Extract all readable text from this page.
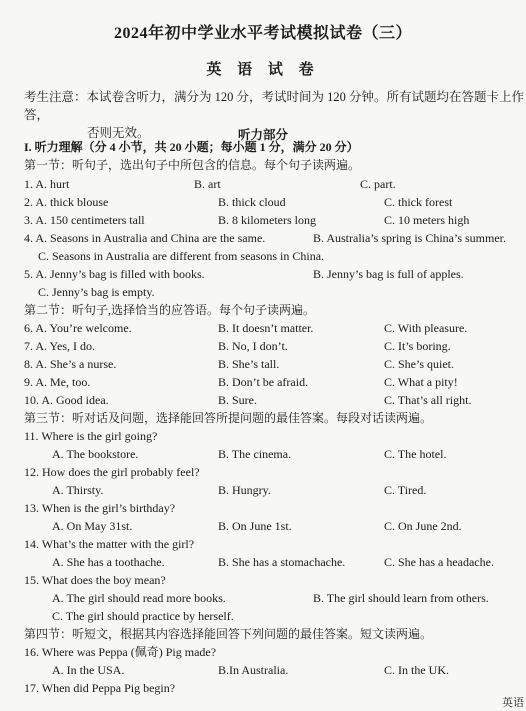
2024年初中学业水平考试模拟试卷（三）
英 语 试 卷
考生注意：本试卷含听力，满分为 120 分，考试时间为 120 分钟。所有试题均在答题卡上作答，
否则无效。	听力部分
I. 听力理解（分 4 小节，共 20 小题；每小题 1 分，满分 20 分）
第一节：听句子，选出句子中所包含的信息。每个句子读两遍。
1. A. hurt	B. art	C. part.
2. A. thick blouse	B. thick cloud	C. thick forest
3. A. 150 centimeters tall	B. 8 kilometers long	C. 10 meters high
4. A. Seasons in Australia and China are the same.	B. Australia’s spring is China’s summer.
C. Seasons in Australia are different from seasons in China.
5. A. Jenny’s bag is filled with books.	B. Jenny’s bag is full of apples.
C. Jenny’s bag is empty.
第二节：听句子,选择恰当的应答语。每个句子读两遍。
6. A. You’re welcome.	B. It doesn’t matter.	C. With pleasure.
7. A. Yes, I do.	B. No, I don’t.	C. It’s boring.
8. A. She’s a nurse.	B. She’s tall.	C. She’s quiet.
9. A. Me, too.	B. Don’t be afraid.	C. What a pity!
10. A. Good idea.	B. Sure.	C. That’s all right.
第三节：听对话及问题，选择能回答所提问题的最佳答案。每段对话读两遍。
11. Where is the girl going?
A. The bookstore.	B. The cinema.	C. The hotel.
12. How does the girl probably feel?
A. Thirsty.	B. Hungry.	C. Tired.
13. When is the girl’s birthday?
A. On May 31st.	B. On June 1st.	C. On June 2nd.
14. What’s the matter with the girl?
A. She has a toothache.	B. She has a stomachache.	C. She has a headache.
15. What does the boy mean?
A. The girl should read more books.	B. The girl should learn from others.
C. The girl should practice by herself.
第四节：听短文，根据其内容选择能回答下列问题的最佳答案。短文读两遍。
16. Where was Peppa (佩奇) Pig made?
A. In the USA.	B.In Australia.	C. In the UK.
17. When did Peppa Pig begin?
英语
